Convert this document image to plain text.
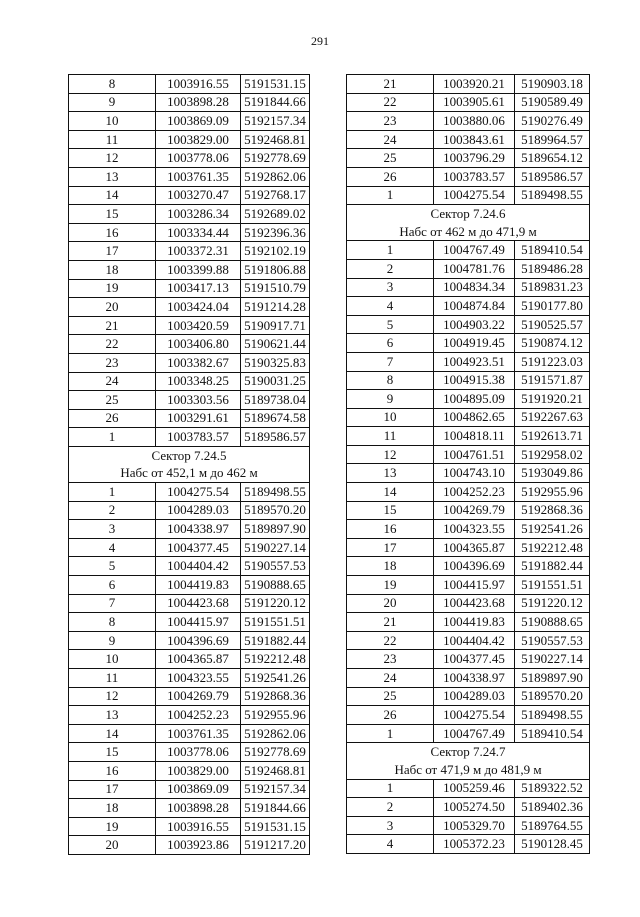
291
8	1003916.55	5191531.15
9	1003898.28	5191844.66
10	1003869.09	5192157.34
11	1003829.00	5192468.81
12	1003778.06	5192778.69
13	1003761.35	5192862.06
14	1003270.47	5192768.17
15	1003286.34	5192689.02
16	1003334.44	5192396.36
17	1003372.31	5192102.19
18	1003399.88	5191806.88
19	1003417.13	5191510.79
20	1003424.04	5191214.28
21	1003420.59	5190917.71
22	1003406.80	5190621.44
23	1003382.67	5190325.83
24	1003348.25	5190031.25
25	1003303.56	5189738.04
26	1003291.61	5189674.58
1	1003783.57	5189586.57
Сектор 7.24.5		
Набс от 452,1 м до 462 м		
1	1004275.54	5189498.55
2	1004289.03	5189570.20
3	1004338.97	5189897.90
4	1004377.45	5190227.14
5	1004404.42	5190557.53
6	1004419.83	5190888.65
7	1004423.68	5191220.12
8	1004415.97	5191551.51
9	1004396.69	5191882.44
10	1004365.87	5192212.48
11	1004323.55	5192541.26
12	1004269.79	5192868.36
13	1004252.23	5192955.96
14	1003761.35	5192862.06
15	1003778.06	5192778.69
16	1003829.00	5192468.81
17	1003869.09	5192157.34
18	1003898.28	5191844.66
19	1003916.55	5191531.15
20	1003923.86	5191217.20
21	1003920.21	5190903.18
22	1003905.61	5190589.49
23	1003880.06	5190276.49
24	1003843.61	5189964.57
25	1003796.29	5189654.12
26	1003783.57	5189586.57
1	1004275.54	5189498.55
Сектор 7.24.6		
Набс от 462 м до 471,9 м		
1	1004767.49	5189410.54
2	1004781.76	5189486.28
3	1004834.34	5189831.23
4	1004874.84	5190177.80
5	1004903.22	5190525.57
6	1004919.45	5190874.12
7	1004923.51	5191223.03
8	1004915.38	5191571.87
9	1004895.09	5191920.21
10	1004862.65	5192267.63
11	1004818.11	5192613.71
12	1004761.51	5192958.02
13	1004743.10	5193049.86
14	1004252.23	5192955.96
15	1004269.79	5192868.36
16	1004323.55	5192541.26
17	1004365.87	5192212.48
18	1004396.69	5191882.44
19	1004415.97	5191551.51
20	1004423.68	5191220.12
21	1004419.83	5190888.65
22	1004404.42	5190557.53
23	1004377.45	5190227.14
24	1004338.97	5189897.90
25	1004289.03	5189570.20
26	1004275.54	5189498.55
1	1004767.49	5189410.54
Сектор 7.24.7		
Набс от 471,9 м до 481,9 м		
1	1005259.46	5189322.52
2	1005274.50	5189402.36
3	1005329.70	5189764.55
4	1005372.23	5190128.45
